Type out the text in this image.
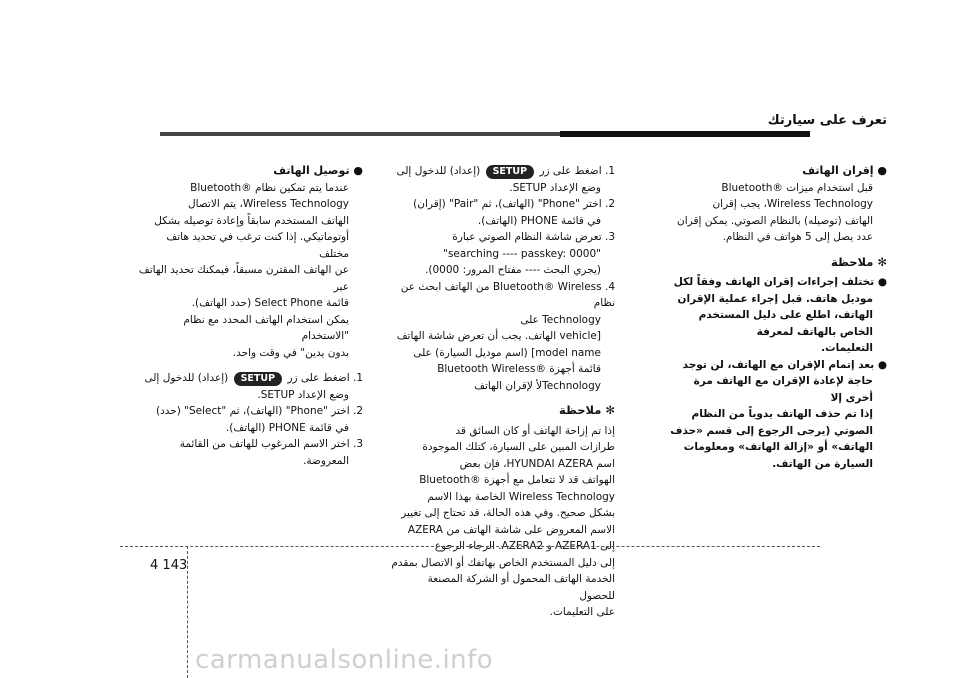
تعرف على سيارتك

● إقران الهاتف

قبل استخدام ميزات ®Bluetooth

Wireless Technology، يجب إقران

الهاتف (توصيله) بالنظام الصوتي. يمكن إقران

عدد يصل إلى 5 هواتف في النظام.

✻ ملاحظة

● تختلف إجراءات إقران الهاتف وفقاً لكل

موديل هاتف. قبل إجراء عملية الإقران

الهاتف، اطلع على دليل المستخدم الخاص بالهاتف لمعرفة

التعليمات.

● بعد إتمام الإقران مع الهاتف، لن توجد

حاجة لإعادة الإقران مع الهاتف مرة أخرى إلا

إذا تم حذف الهاتف يدوياً من النظام

الصوتي (يرجى الرجوع إلى قسم «حذف

الهاتف» أو «إزالة الهاتف» ومعلومات

السيارة من الهاتف.

1. اضغط على زر SETUP (إعداد) للدخول إلى

وضع الإعداد SETUP.

2. اختر "Phone" (الهاتف)، ثم "Pair" (إقران)

في قائمة PHONE (الهاتف).

3. تعرض شاشة النظام الصوتي عبارة

"searching ---- passkey: 0000"

(يجري البحث ---- مفتاح المرور: 0000).

4. Bluetooth® Wireless من الهاتف ابحث عن نظام

Technology على

[vehicle الهاتف. يجب أن تعرض شاشة الهاتف

model name] (اسم موديل السيارة) على

قائمة أجهزة ®Bluetooth Wireless

Technologyلأ لإقران الهاتف

✻ ملاحظة

إذا تم إزاحة الهاتف أو كان السائق قد

طرازات المبين على السيارة، كتلك الموجودة

اسم HYUNDAI AZERA، فإن بعض

الهواتف قد لا تتعامل مع أجهزة ®Bluetooth

Wireless Technology الخاصة بهذا الاسم

بشكل صحيح. وفي هذه الحالة، قد تحتاج إلى تغيير

الاسم المعروض على شاشة الهاتف من AZERA

إلى AZERA1 و AZERA2. الرجاء الرجوع

إلى دليل المستخدم الخاص بهاتفك أو الاتصال بمقدم

الخدمة الهاتف المحمول أو الشركة المصنعة للحصول

على التعليمات.

● توصيل الهاتف

عندما يتم تمكين نظام ®Bluetooth

Wireless Technology، يتم الاتصال

الهاتف المستخدم سابقاً وإعادة توصيله بشكل

أوتوماتيكي. إذا كنت ترغب في تحديد هاتف مختلف

عن الهاتف المقترن مسبقاً، فيمكنك تحديد الهاتف عبر

قائمة Select Phone (حدد الهاتف).

يمكن استخدام الهاتف المحدد مع نظام "الاستخدام

بدون يدين" في وقت واحد.

1. اضغط على زر SETUP (إعداد) للدخول إلى

وضع الإعداد SETUP.

2. اختر "Phone" (الهاتف)، ثم "Select" (حدد)

في قائمة PHONE (الهاتف).

3. اختر الاسم المرغوب للهاتف من القائمة

المعروضة.

4 143
carmanualsonline.info
